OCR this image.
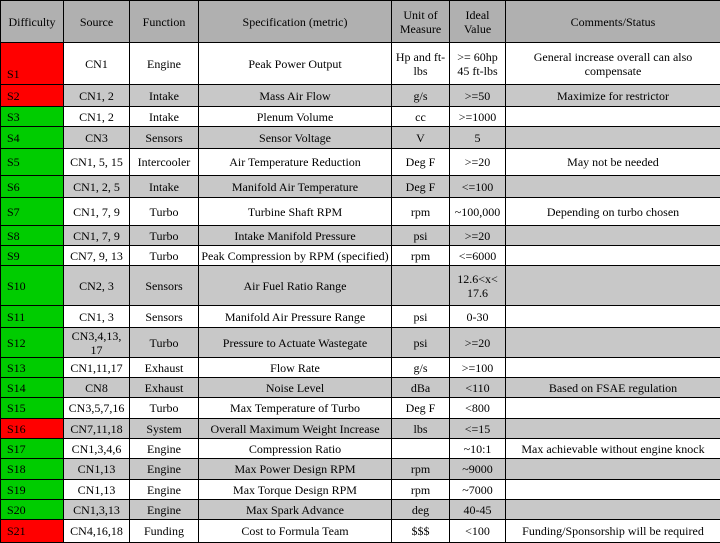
Difficulty	Source	Function	Specification (metric)	Unit of Measure	Ideal Value	Comments/Status
S1	CN1	Engine	Peak Power Output	Hp and ft-lbs	>= 60hp 45 ft-lbs	General increase overall can also compensate
S2	CN1, 2	Intake	Mass Air Flow	g/s	>=50	Maximize for restrictor
S3	CN1, 2	Intake	Plenum Volume	cc	>=1000	
S4	CN3	Sensors	Sensor Voltage	V	5	
S5	CN1, 5, 15	Intercooler	Air Temperature Reduction	Deg F	>=20	May not be needed
S6	CN1, 2, 5	Intake	Manifold Air Temperature	Deg F	<=100	
S7	CN1, 7, 9	Turbo	Turbine Shaft RPM	rpm	~100,000	Depending on turbo chosen
S8	CN1, 7, 9	Turbo	Intake Manifold Pressure	psi	>=20	
S9	CN7, 9, 13	Turbo	Peak Compression by RPM (specified)	rpm	<=6000	
S10	CN2, 3	Sensors	Air Fuel Ratio Range		12.6<x< 17.6	
S11	CN1, 3	Sensors	Manifold Air Pressure Range	psi	0-30	
S12	CN3,4,13, 17	Turbo	Pressure to Actuate Wastegate	psi	>=20	
S13	CN1,11,17	Exhaust	Flow Rate	g/s	>=100	
S14	CN8	Exhaust	Noise Level	dBa	<110	Based on FSAE regulation
S15	CN3,5,7,16	Turbo	Max Temperature of Turbo	Deg F	<800	
S16	CN7,11,18	System	Overall Maximum Weight Increase	lbs	<=15	
S17	CN1,3,4,6	Engine	Compression Ratio		~10:1	Max achievable without engine knock
S18	CN1,13	Engine	Max Power Design RPM	rpm	~9000	
S19	CN1,13	Engine	Max Torque Design RPM	rpm	~7000	
S20	CN1,3,13	Engine	Max Spark Advance	deg	40-45	
S21	CN4,16,18	Funding	Cost to Formula Team	$$$	<100	Funding/Sponsorship will be required
